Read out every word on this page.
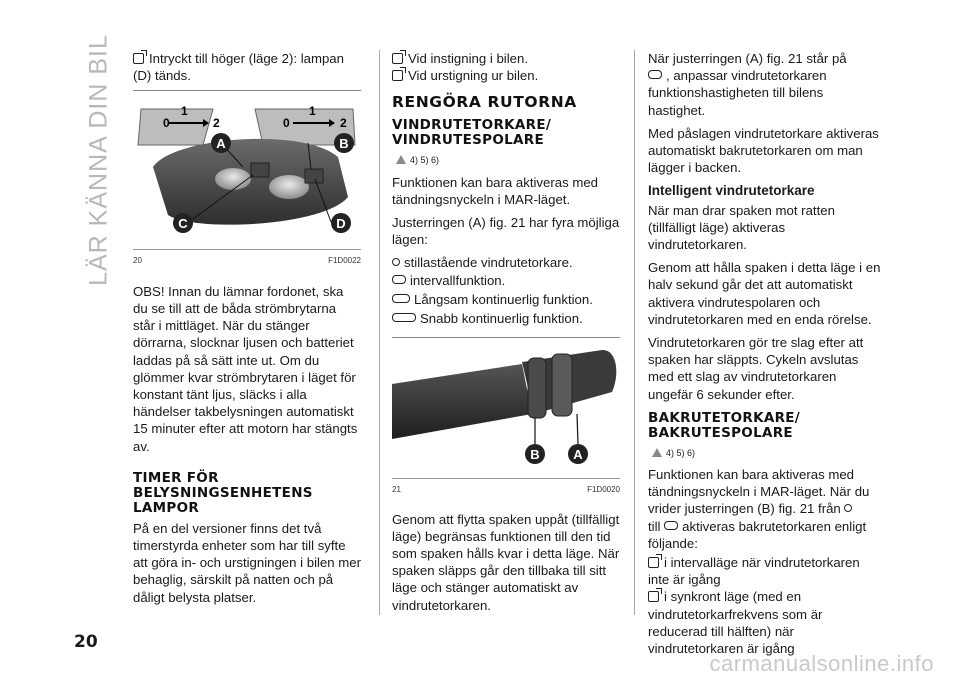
LÄR KÄNNA DIN BIL	Intryckt till höger (läge 2): lampan (D) tänds.

0
1
2	0
1
2
A	B
C	D
20	F1D0022

OBS! Innan du lämnar fordonet, ska du se till att de båda strömbrytarna står i mittläget. När du stänger dörrarna, slocknar ljusen och batteriet laddas på så sätt inte ut. Om du glömmer kvar strömbrytaren i läget för konstant tänt ljus, släcks i alla händelser takbelysningen automatiskt 15 minuter efter att motorn har stängts av.

TIMER FÖR BELYSNINGSENHETENS LAMPOR

På en del versioner finns det två timerstyrda enheter som har till syfte att göra in- och urstigningen i bilen mer behaglig, särskilt på natten och på dåligt belysta platser.

Vid instigning i bilen.

Vid urstigning ur bilen.

RENGÖRA RUTORNA
VINDRUTETORKARE/ VINDRUTESPOLARE
4) 5) 6)

Funktionen kan bara aktiveras med tändningsnyckeln i MAR-läget.

Justerringen (A) fig. 21 har fyra möjliga lägen:

stillastående vindrutetorkare.

intervallfunktion.

Långsam kontinuerlig funktion.

Snabb kontinuerlig funktion.

B	A
21	F1D0020

Genom att flytta spaken uppåt (tillfälligt läge) begränsas funktionen till den tid som spaken hålls kvar i detta läge. När spaken släpps går den tillbaka till sitt läge och stänger automatiskt av vindrutetorkaren.

När justerringen (A) fig. 21 står på
, anpassar vindrutetorkaren funktionshastigheten till bilens hastighet.

Med påslagen vindrutetorkare aktiveras automatiskt bakrutetorkaren om man lägger i backen.

Intelligent vindrutetorkare

När man drar spaken mot ratten (tillfälligt läge) aktiveras vindrutetorkaren.

Genom att hålla spaken i detta läge i en halv sekund går det att automatiskt aktivera vindrutespolaren och vindrutetorkaren med en enda rörelse.

Vindrutetorkaren gör tre slag efter att spaken har släppts. Cykeln avslutas med ett slag av vindrutetorkaren ungefär 6 sekunder efter.

BAKRUTETORKARE/ BAKRUTESPOLARE
4) 5) 6)

Funktionen kan bara aktiveras med tändningsnyckeln i MAR-läget. När du vrider justerringen (B) fig. 21 från
till aktiveras bakrutetorkaren enligt följande:

i intervalläge när vindrutetorkaren inte är igång

i synkront läge (med en vindrutetorkarfrekvens som är reducerad till hälften) när vindrutetorkaren är igång

20
carmanualsonline.info
